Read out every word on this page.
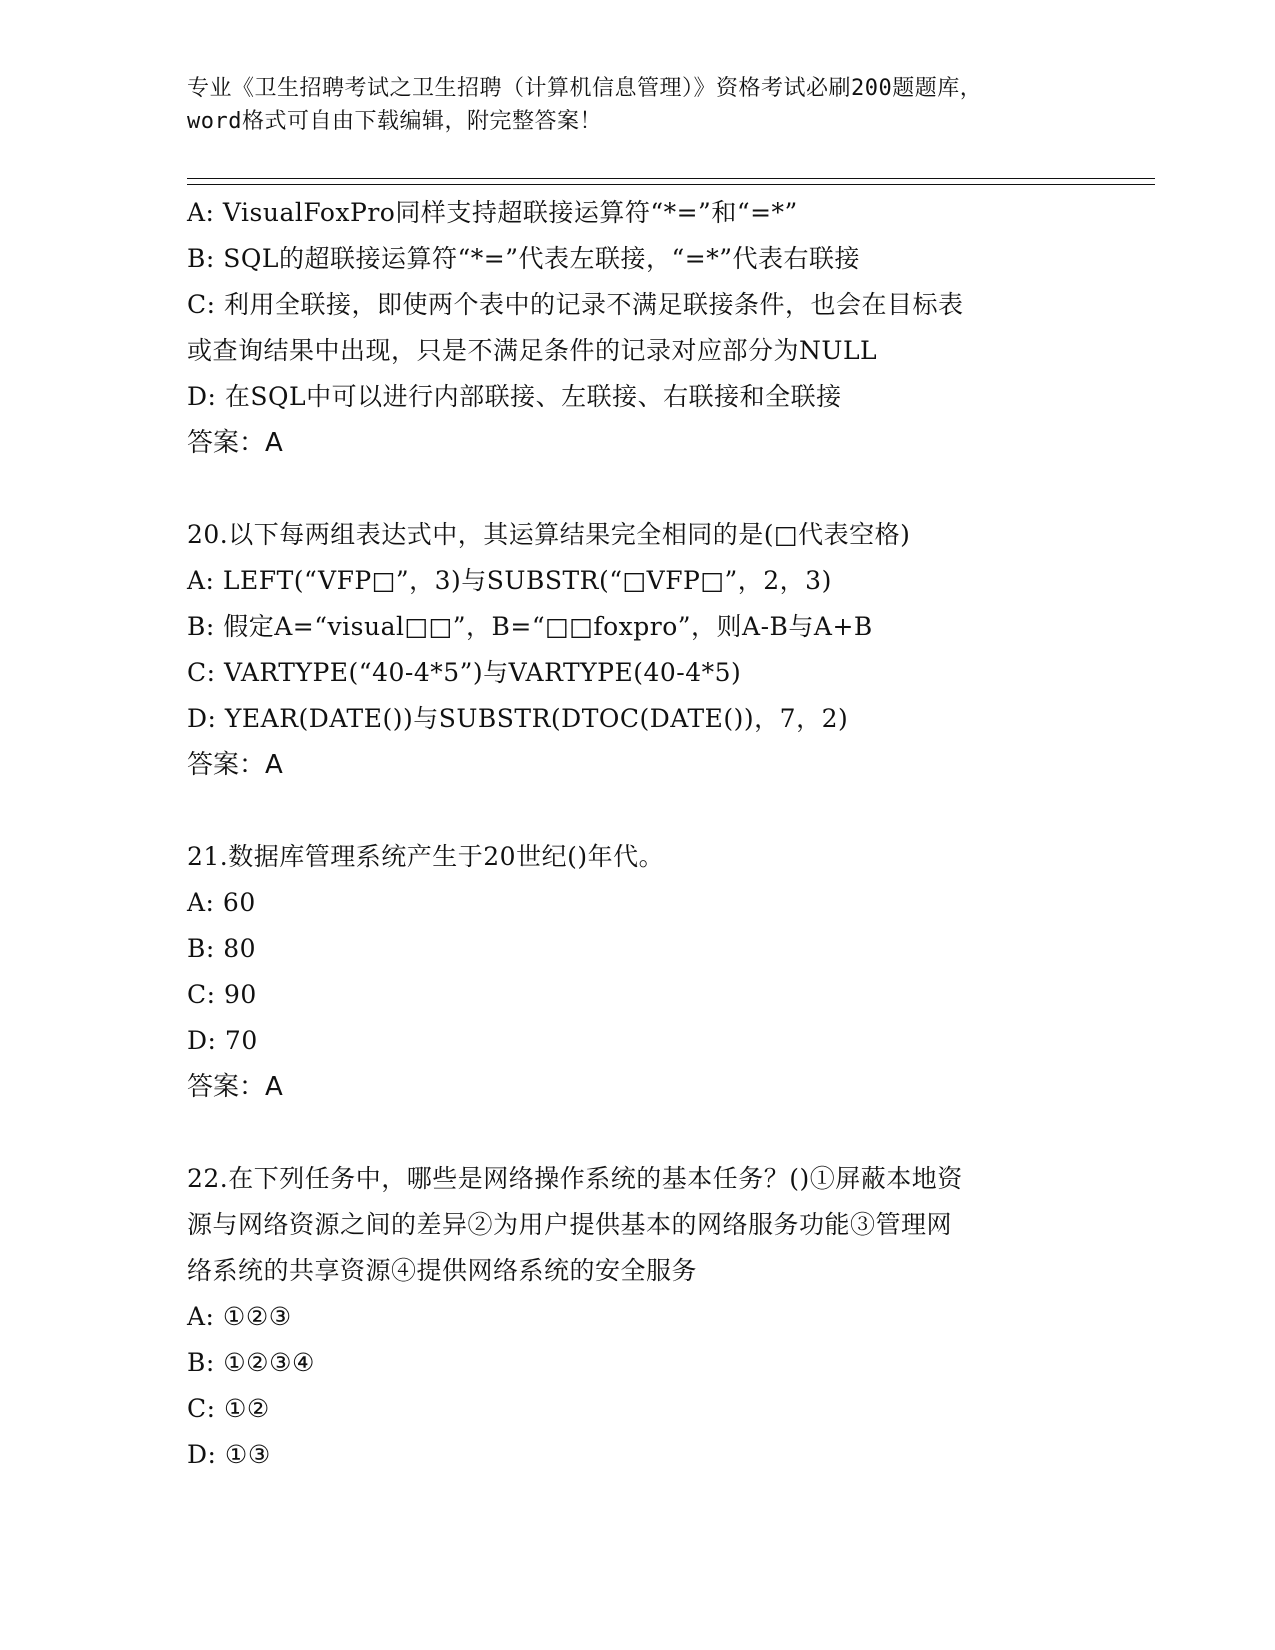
专业《卫生招聘考试之卫生招聘（计算机信息管理）》资格考试必刷200题题库，
word格式可自由下载编辑，附完整答案！
A: VisualFoxPro同样支持超联接运算符“*=”和“=*”
B: SQL的超联接运算符“*=”代表左联接，“=*”代表右联接
C: 利用全联接，即使两个表中的记录不满足联接条件，也会在目标表
或查询结果中出现，只是不满足条件的记录对应部分为NULL
D: 在SQL中可以进行内部联接、左联接、右联接和全联接
答案：A
20.以下每两组表达式中，其运算结果完全相同的是(□代表空格)
A: LEFT(“VFP□”，3)与SUBSTR(“□VFP□”，2，3)
B: 假定A=“visual□□”，B=“□□foxpro”，则A-B与A+B
C: VARTYPE(“40-4*5”)与VARTYPE(40-4*5)
D: YEAR(DATE())与SUBSTR(DTOC(DATE())，7，2)
答案：A
21.数据库管理系统产生于20世纪()年代。
A: 60
B: 80
C: 90
D: 70
答案：A
22.在下列任务中，哪些是网络操作系统的基本任务？()①屏蔽本地资
源与网络资源之间的差异②为用户提供基本的网络服务功能③管理网
络系统的共享资源④提供网络系统的安全服务
A: ①②③
B: ①②③④
C: ①②
D: ①③
